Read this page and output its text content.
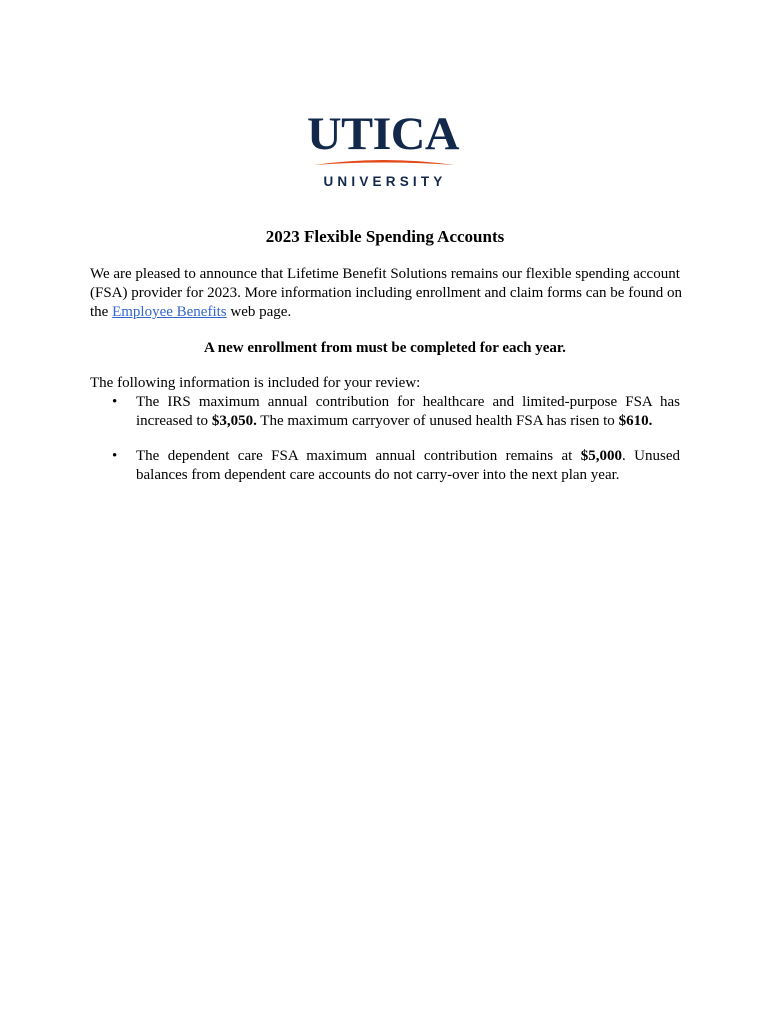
UTICA
UNIVERSITY
2023 Flexible Spending Accounts

We are pleased to announce that Lifetime Benefit Solutions remains our flexible spending account (FSA) provider for 2023. More information including enrollment and claim forms can be found on the Employee Benefits web page.

A new enrollment from must be completed for each year.
The following information is included for your review:
• The IRS maximum annual contribution for healthcare and limited-purpose FSA has increased to $3,050. The maximum carryover of unused health FSA has risen to $610.
• The dependent care FSA maximum annual contribution remains at $5,000. Unused balances from dependent care accounts do not carry-over into the next plan year.
